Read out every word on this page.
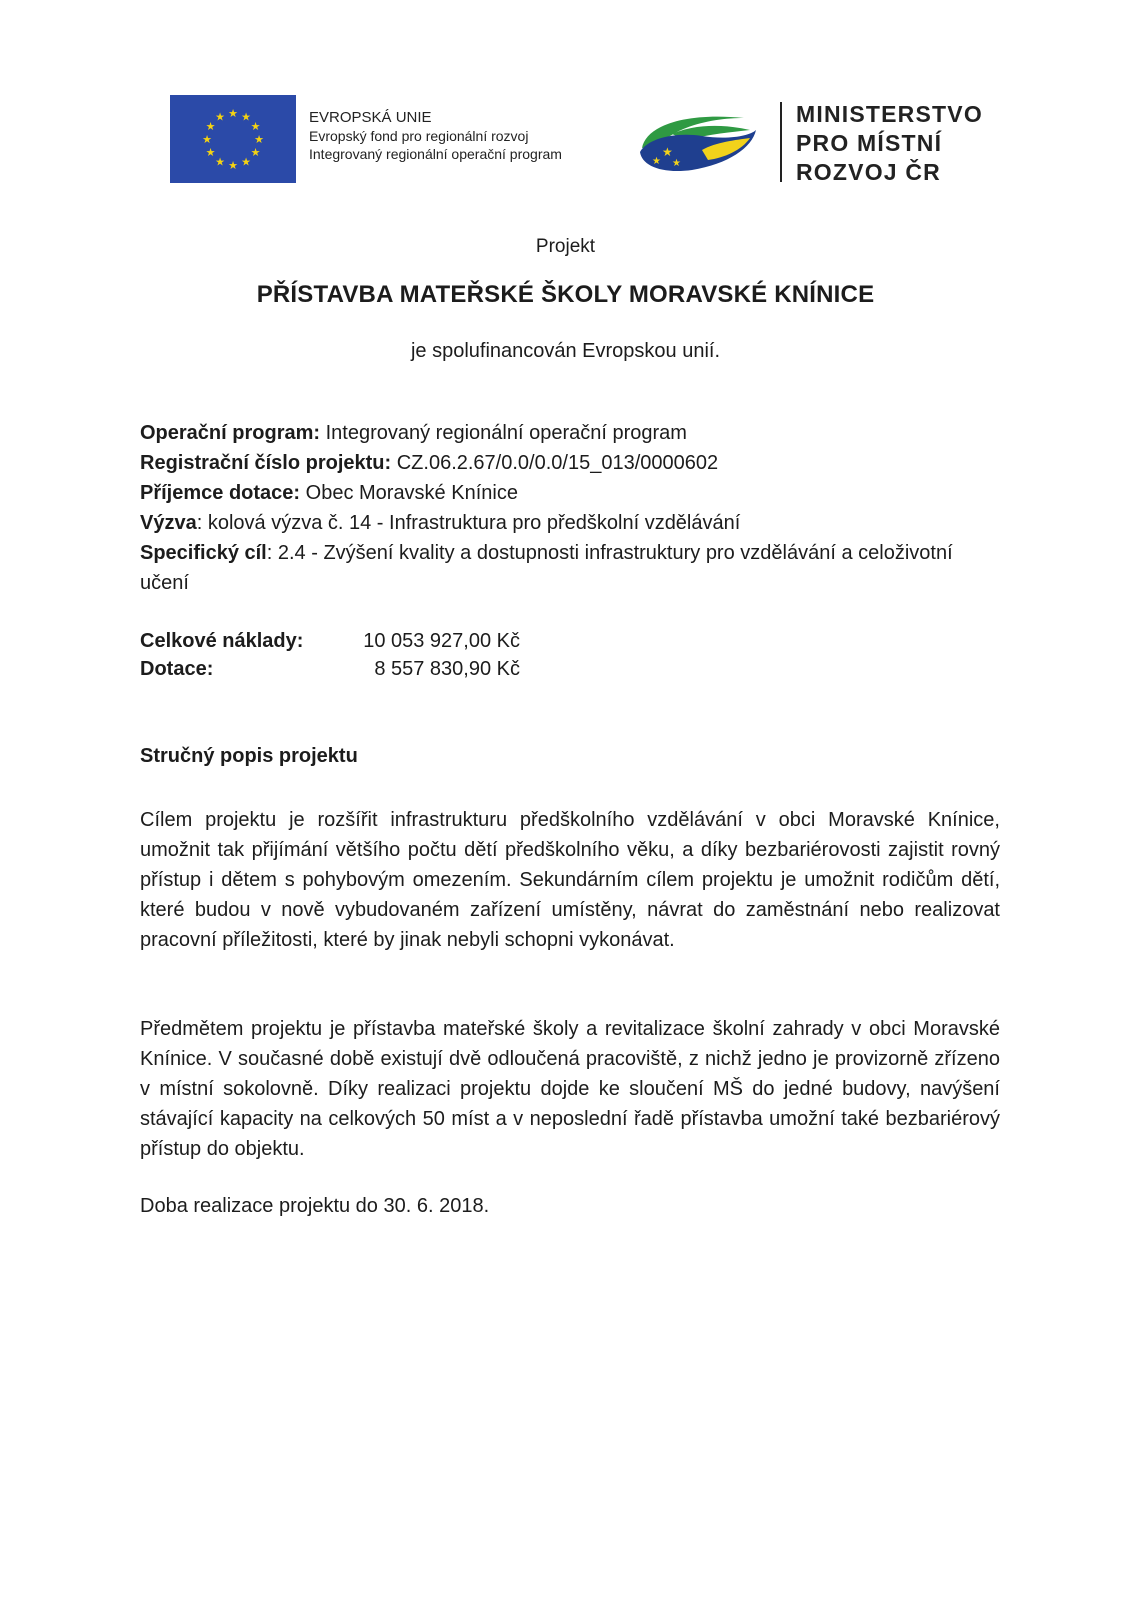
★ ★
★
★
★
★
★
★
★
★
★
★	EVROPSKÁ UNIE
Evropský fond pro regionální rozvoj
Integrovaný regionální operační program	★
★
★
MINISTERSTVO
PRO MÍSTNÍ
ROZVOJ ČR
Projekt
PŘÍSTAVBA MATEŘSKÉ ŠKOLY MORAVSKÉ KNÍNICE
je spolufinancován Evropskou unií.
Operační program: Integrovaný regionální operační program
Registrační číslo projektu: CZ.06.2.67/0.0/0.0/15_013/0000602
Příjemce dotace: Obec Moravské Knínice
Výzva: kolová výzva č. 14 - Infrastruktura pro předškolní vzdělávání
Specifický cíl: 2.4 - Zvýšení kvality a dostupnosti infrastruktury pro vzdělávání a celoživotní učení
Celkové náklady:	10 053 927,00 Kč
Dotace:	8 557 830,90 Kč
Stručný popis projektu
Cílem projektu je rozšířit infrastrukturu předškolního vzdělávání v obci Moravské Knínice, umožnit tak přijímání většího počtu dětí předškolního věku, a díky bezbariérovosti zajistit rovný přístup i dětem s pohybovým omezením. Sekundárním cílem projektu je umožnit rodičům dětí, které budou v nově vybudovaném zařízení umístěny, návrat do zaměstnání nebo realizovat pracovní příležitosti, které by jinak nebyli schopni vykonávat.
Předmětem projektu je přístavba mateřské školy a revitalizace školní zahrady v obci Moravské Knínice. V současné době existují dvě odloučená pracoviště, z nichž jedno je provizorně zřízeno v místní sokolovně. Díky realizaci projektu dojde ke sloučení MŠ do jedné budovy, navýšení stávající kapacity na celkových 50 míst a v neposlední řadě přístavba umožní také bezbariérový přístup do objektu.
Doba realizace projektu do 30. 6. 2018.
